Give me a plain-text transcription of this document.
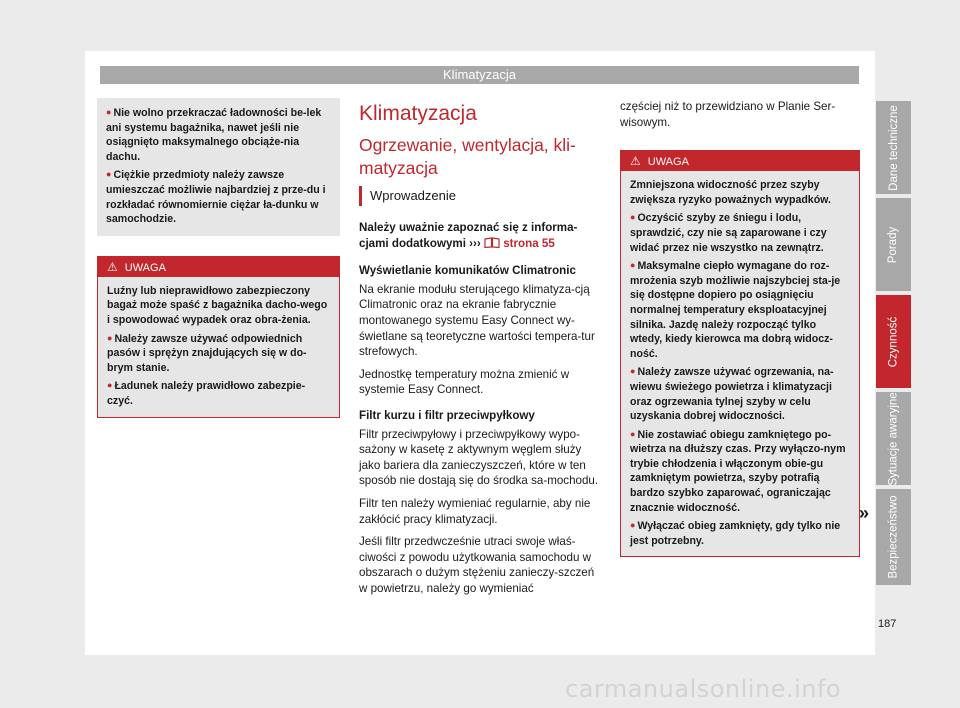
Klimatyzacja

● Nie wolno przekraczać ładowności be-lek ani systemu bagażnika, nawet jeśli nie osiągnięto maksymalnego obciąże-nia dachu.

● Ciężkie przedmioty należy zawsze umieszczać możliwie najbardziej z prze-du i rozkładać równomiernie ciężar ła-dunku w samochodzie.

⚠ UWAGA

Luźny lub nieprawidłowo zabezpieczony bagaż może spaść z bagażnika dacho-wego i spowodować wypadek oraz obra-żenia.

● Należy zawsze używać odpowiednich pasów i sprężyn znajdujących się w do-brym stanie.

● Ładunek należy prawidłowo zabezpie-czyć.

Klimatyzacja
Ogrzewanie, wentylacja, kli-matyzacja
Wprowadzenie

Należy uważnie zapoznać się z informa-cjami dodatkowymi ››› strona 55

Wyświetlanie komunikatów Climatronic

Na ekranie modułu sterującego klimatyza-cją Climatronic oraz na ekranie fabrycznie montowanego systemu Easy Connect wy-świetlane są teoretyczne wartości tempera-tur strefowych.

Jednostkę temperatury można zmienić w systemie Easy Connect.

Filtr kurzu i filtr przeciwpyłkowy

Filtr przeciwpyłowy i przeciwpyłkowy wypo-sażony w kasetę z aktywnym węglem służy jako bariera dla zanieczyszczeń, które w ten sposób nie dostają się do środka sa-mochodu.

Filtr ten należy wymieniać regularnie, aby nie zakłócić pracy klimatyzacji.

Jeśli filtr przedwcześnie utraci swoje właś-ciwości z powodu użytkowania samochodu w obszarach o dużym stężeniu zanieczy-szczeń w powietrzu, należy go wymieniać

częściej niż to przewidziano w Planie Ser-wisowym.

⚠ UWAGA

Zmniejszona widoczność przez szyby zwiększa ryzyko poważnych wypadków.

● Oczyścić szyby ze śniegu i lodu, sprawdzić, czy nie są zaparowane i czy widać przez nie wszystko na zewnątrz.

● Maksymalne ciepło wymagane do roz-mrożenia szyb możliwie najszybciej sta-je się dostępne dopiero po osiągnięciu normalnej temperatury eksploatacyjnej silnika. Jazdę należy rozpocząć tylko wtedy, kiedy kierowca ma dobrą widocz-ność.

● Należy zawsze używać ogrzewania, na-wiewu świeżego powietrza i klimatyzacji oraz ogrzewania tylnej szyby w celu uzyskania dobrej widoczności.

● Nie zostawiać obiegu zamkniętego po-wietrza na dłuższy czas. Przy wyłączo-nym trybie chłodzenia i włączonym obie-gu zamkniętym powietrza, szyby potrafią bardzo szybko zaparować, ograniczając znacznie widoczność.

● Wyłączać obieg zamknięty, gdy tylko nie jest potrzebny.

Dane techniczne
Porady
Czynność
Sytuacje awaryjne
Bezpieczeństwo
»
187
carmanualsonline.info
